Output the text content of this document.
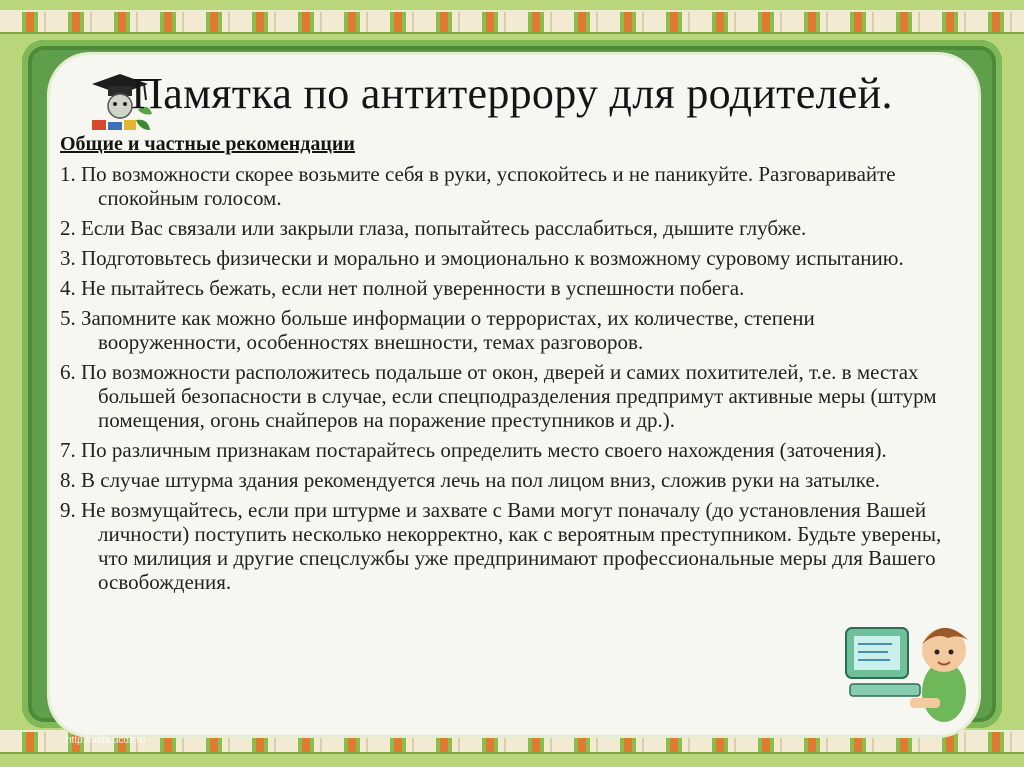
Памятка по антитеррору для родителей.
Общие и частные рекомендации
1. По возможности скорее возьмите себя в руки, успокойтесь и не паникуйте. Разговаривайте спокойным голосом.
2. Если Вас связали или закрыли глаза, попытайтесь расслабиться, дышите глубже.
3. Подготовьтесь физически и морально и эмоционально к возможному суровому испытанию.
4. Не пытайтесь бежать, если нет полной уверенности в успешности побега.
5. Запомните как можно больше информации о террористах, их количестве, степени вооруженности, особенностях внешности, темах разговоров.
6. По возможности расположитесь подальше от окон, дверей и самих похитителей, т.е. в местах большей безопасности в случае, если спецподразделения предпримут активные меры (штурм помещения, огонь снайперов на поражение преступников и др.).
7. По различным признакам постарайтесь определить место своего нахождения (заточения).
8. В случае штурма здания рекомендуется лечь на пол лицом вниз, сложив руки на затылке.
9. Не возмущайтесь, если при штурме и захвате с Вами могут поначалу (до установления Вашей личности) поступить несколько некорректно, как с вероятным преступником. Будьте уверены, что милиция и другие спецслужбы уже предпринимают профессиональные меры для Вашего освобождения.
http://aida.ucoz.ru
